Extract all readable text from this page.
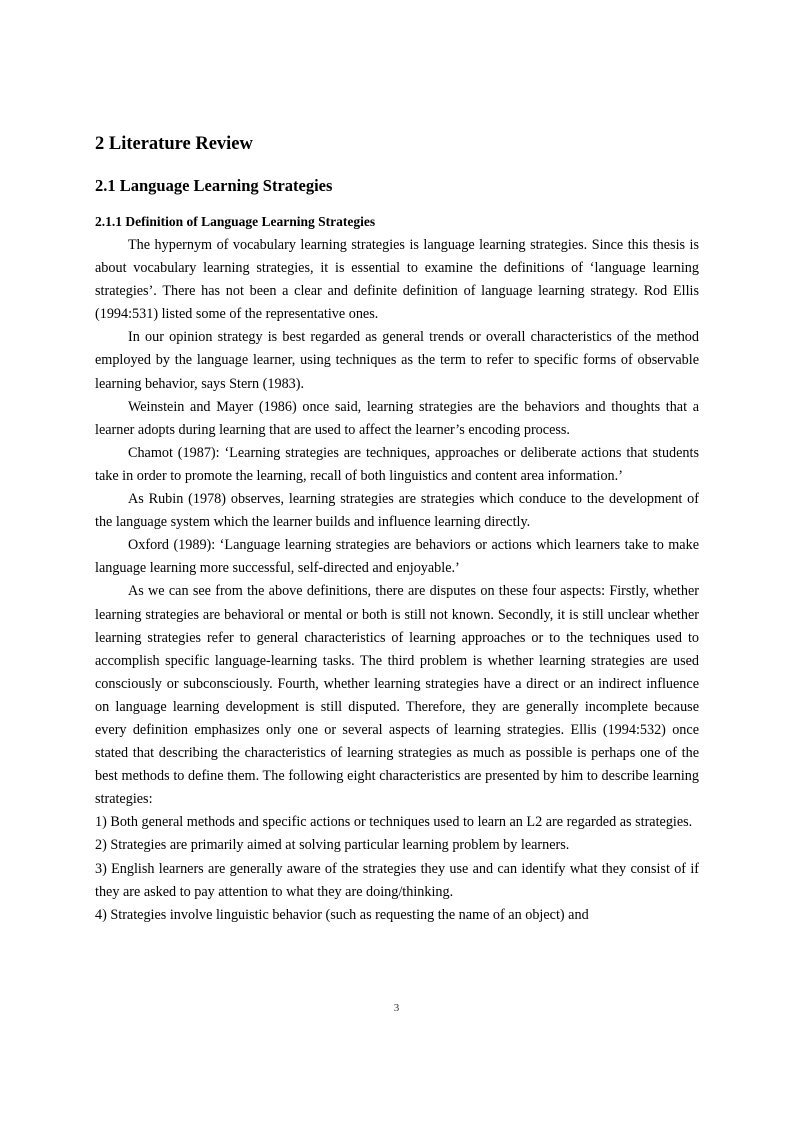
2 Literature Review
2.1 Language Learning Strategies
2.1.1 Definition of Language Learning Strategies

The hypernym of vocabulary learning strategies is language learning strategies. Since this thesis is about vocabulary learning strategies, it is essential to examine the definitions of ‘language learning strategies’. There has not been a clear and definite definition of language learning strategy. Rod Ellis (1994:531) listed some of the representative ones.

In our opinion strategy is best regarded as general trends or overall characteristics of the method employed by the language learner, using techniques as the term to refer to specific forms of observable learning behavior, says Stern (1983).

Weinstein and Mayer (1986) once said, learning strategies are the behaviors and thoughts that a learner adopts during learning that are used to affect the learner’s encoding process.

Chamot (1987): ‘Learning strategies are techniques, approaches or deliberate actions that students take in order to promote the learning, recall of both linguistics and content area information.’

As Rubin (1978) observes, learning strategies are strategies which conduce to the development of the language system which the learner builds and influence learning directly.

Oxford (1989): ‘Language learning strategies are behaviors or actions which learners take to make language learning more successful, self-directed and enjoyable.’

As we can see from the above definitions, there are disputes on these four aspects: Firstly, whether learning strategies are behavioral or mental or both is still not known. Secondly, it is still unclear whether learning strategies refer to general characteristics of learning approaches or to the techniques used to accomplish specific language-learning tasks. The third problem is whether learning strategies are used consciously or subconsciously. Fourth, whether learning strategies have a direct or an indirect influence on language learning development is still disputed. Therefore, they are generally incomplete because every definition emphasizes only one or several aspects of learning strategies. Ellis (1994:532) once stated that describing the characteristics of learning strategies as much as possible is perhaps one of the best methods to define them. The following eight characteristics are presented by him to describe learning strategies:

1) Both general methods and specific actions or techniques used to learn an L2 are regarded as strategies.

2) Strategies are primarily aimed at solving particular learning problem by learners.

3) English learners are generally aware of the strategies they use and can identify what they consist of if they are asked to pay attention to what they are doing/thinking.

4) Strategies involve linguistic behavior (such as requesting the name of an object) and

3
